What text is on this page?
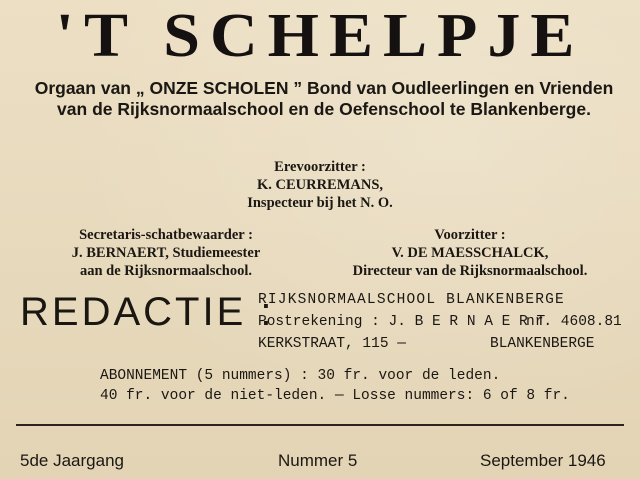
'T SCHELPJE
Orgaan van „ ONZE SCHOLEN ” Bond van Oudleerlingen en Vrienden van de Rijksnormaalschool en de Oefenschool te Blankenberge.
Erevoorzitter :
K. CEURREMANS,
Inspecteur bij het N. O.
Secretaris-schatbewaarder :
J. BERNAERT, Studiemeester
aan de Rijksnormaalschool.
Voorzitter :
V. DE MAESSCHALCK,
Directeur van de Rijksnormaalschool.
REDACTIE :
RIJKSNORMAALSCHOOL BLANKENBERGE
Postrekening : J. B E R N A E R T
nr. 4608.81
KERKSTRAAT, 115 —	BLANKENBERGE
ABONNEMENT (5 nummers) : 30 fr. voor de leden.
40 fr. voor de niet-leden. — Losse nummers: 6 of 8 fr.
5de Jaargang	Nummer 5	September 1946
